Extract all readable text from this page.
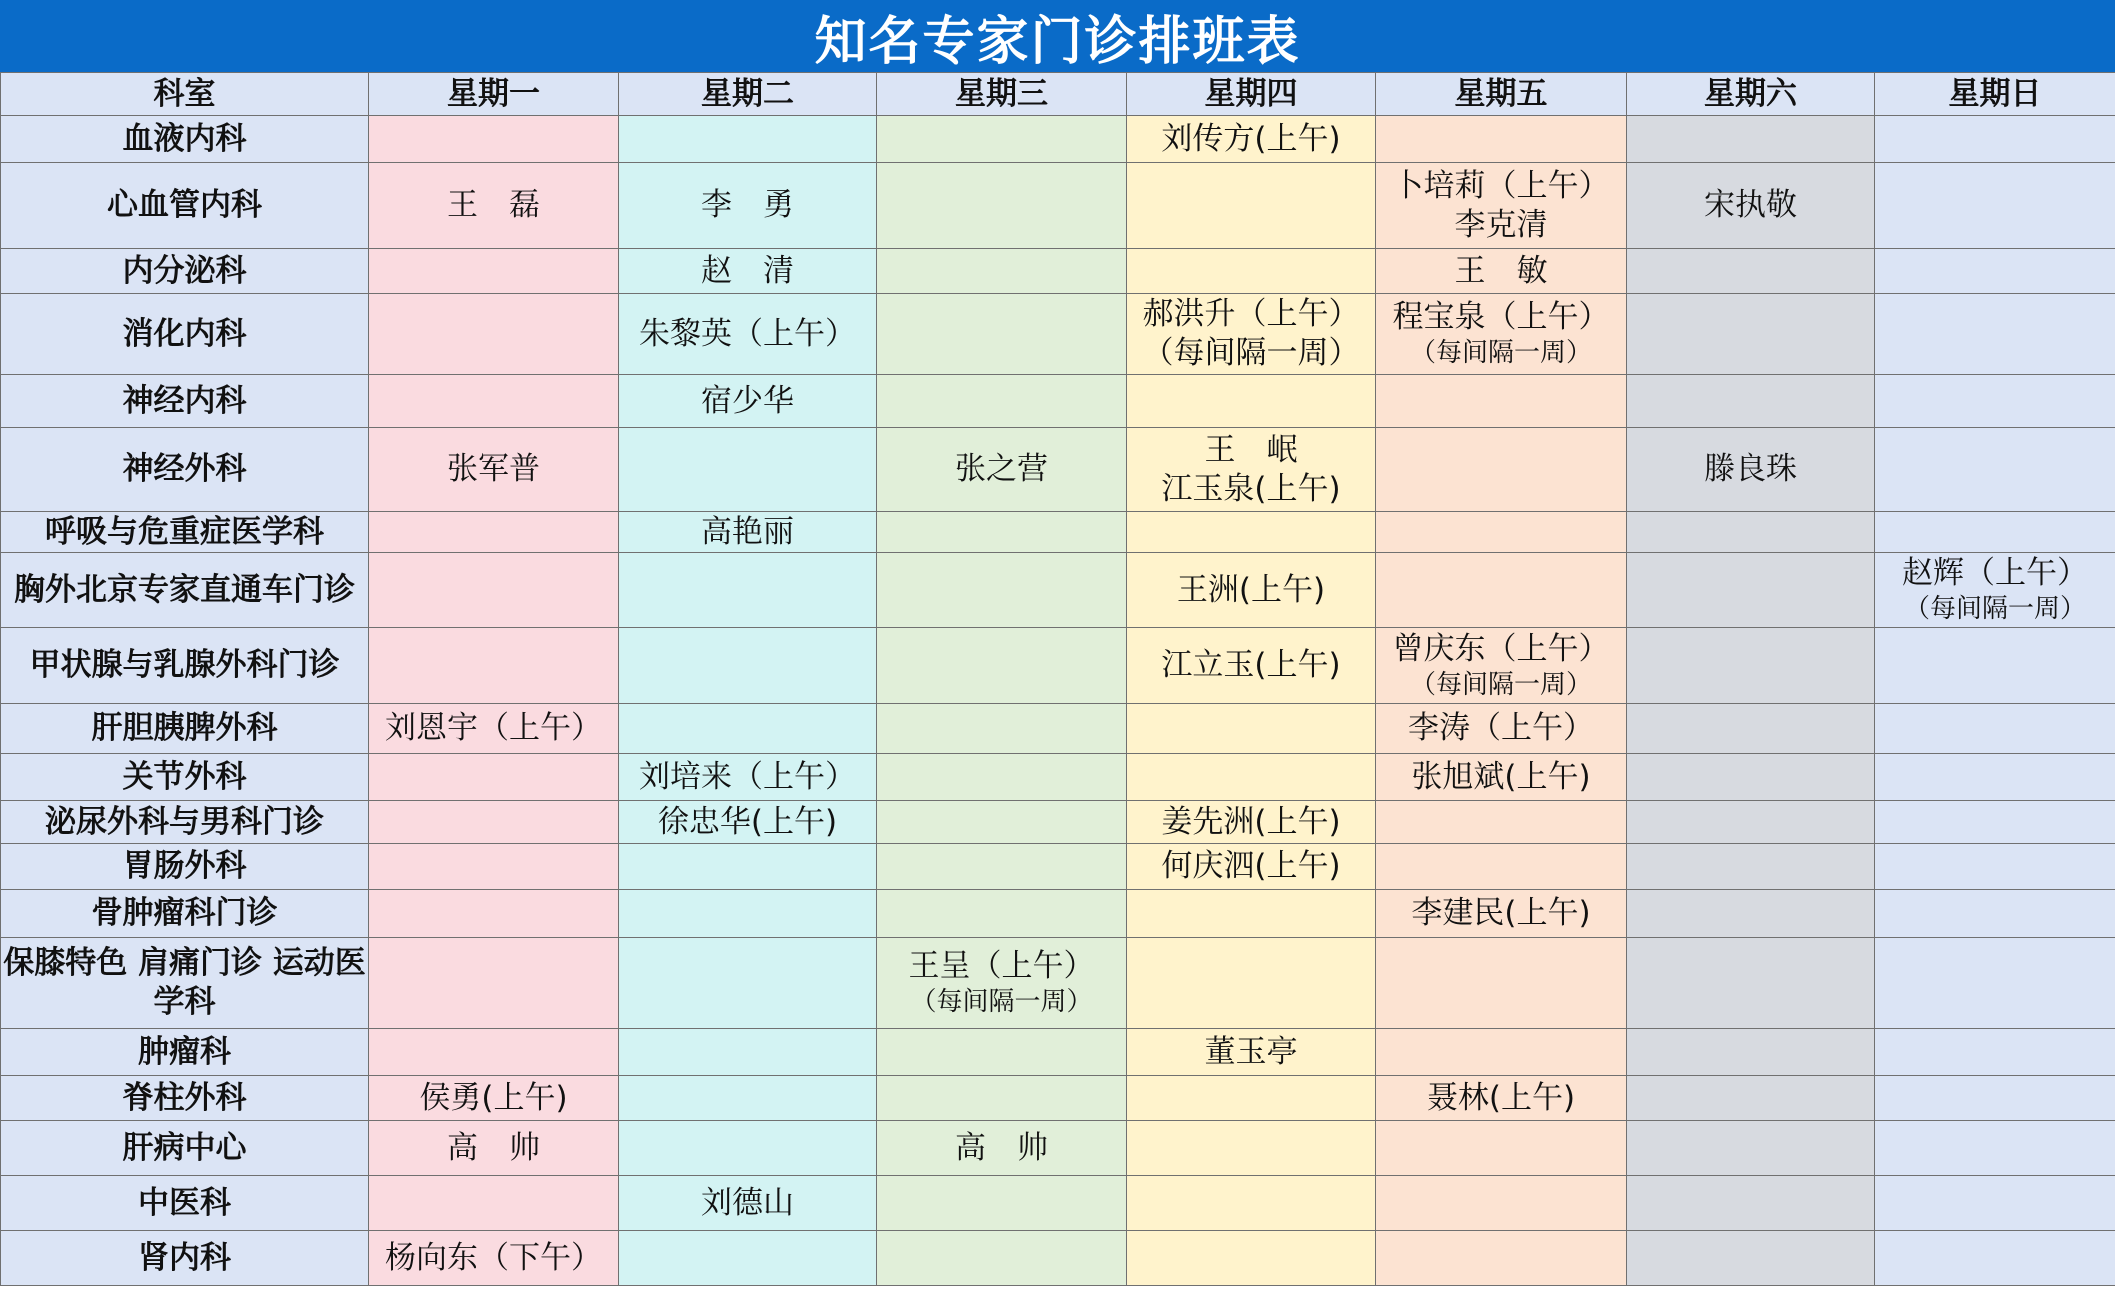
知名专家门诊排班表
科室	星期一	星期二	星期三	星期四	星期五	星期六	星期日
血液内科				刘传方(上午)			

心血管内科	王　磊	李　勇			卜培莉（上午）
李克清	宋执敬	

内分泌科		赵　清			王　敏		

消化内科		朱黎英（上午）		郝洪升（上午）
（每间隔一周）	程宝泉（上午）
（每间隔一周）		

神经内科		宿少华					

神经外科	张军普		张之营	王　岷
江玉泉(上午)		滕良珠	

呼吸与危重症医学科		高艳丽					

胸外北京专家直通车门诊				王洲(上午)			赵辉（上午）
（每间隔一周）

甲状腺与乳腺外科门诊				江立玉(上午)	曾庆东（上午）
（每间隔一周）		

肝胆胰脾外科	刘恩宇（上午）				李涛（上午）		

关节外科		刘培来（上午）			张旭斌(上午)		

泌尿外科与男科门诊		徐忠华(上午)		姜先洲(上午)			

胃肠外科				何庆泗(上午)			

骨肿瘤科门诊					李建民(上午)		

保膝特色 肩痛门诊 运动医学科			王呈（上午）
（每间隔一周）				

肿瘤科				董玉亭			

脊柱外科	侯勇(上午)				聂林(上午)		

肝病中心	高　帅		高　帅				

中医科		刘德山					

肾内科	杨向东（下午）						
